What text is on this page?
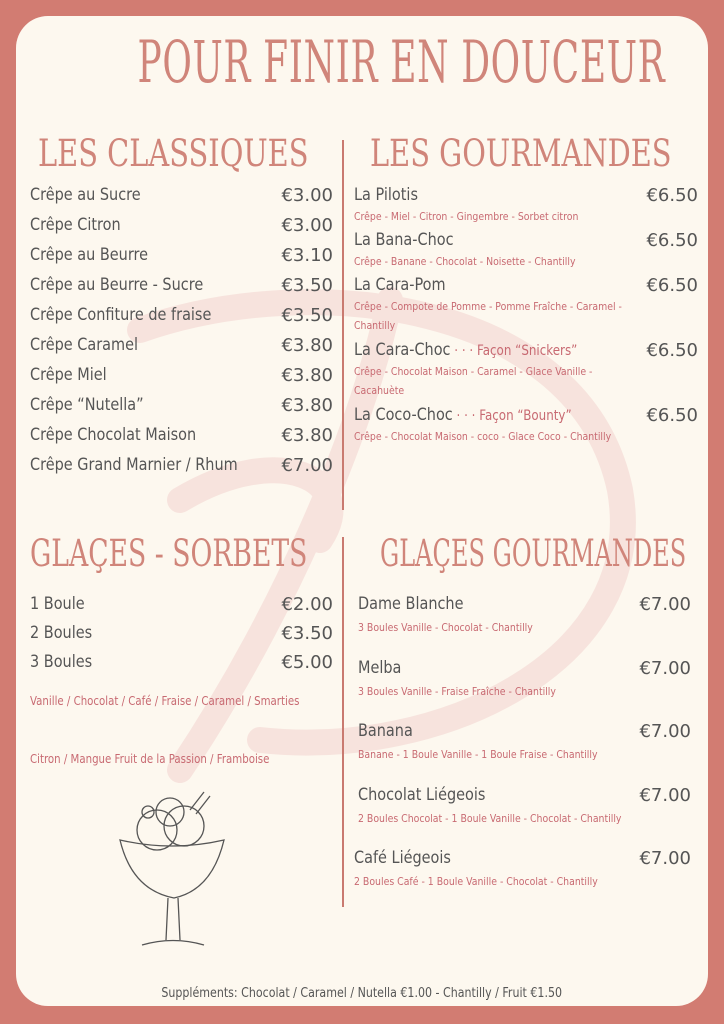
POUR FINIR EN DOUCEUR
LES CLASSIQUES LES GOURMANDES
GLAÇES - SORBETS GLAÇES GOURMANDES
Crêpe au Sucre	€3.00
Crêpe Citron	€3.00
Crêpe au Beurre	€3.10
Crêpe au Beurre - Sucre	€3.50
Crêpe Confiture de fraise	€3.50
Crêpe Caramel	€3.80
Crêpe Miel	€3.80
Crêpe “Nutella”	€3.80
Crêpe Chocolat Maison	€3.80
Crêpe Grand Marnier / Rhum	€7.00
La Pilotis	€6.50
Crêpe - Miel - Citron - Gingembre - Sorbet citron
La Bana-Choc	€6.50
Crêpe - Banane - Chocolat - Noisette - Chantilly
La Cara-Pom	€6.50
Crêpe - Compote de Pomme - Pomme Fraîche - Caramel -
Chantilly
La Cara-Choc · · · Façon “Snickers”	€6.50
Crêpe - Chocolat Maison - Caramel - Glace Vanille -
Cacahuète
La Coco-Choc · · · Façon “Bounty”	€6.50
Crêpe - Chocolat Maison - coco - Glace Coco - Chantilly
1 Boule	€2.00
2 Boules	€3.50
3 Boules	€5.00
Dame Blanche	€7.00
3 Boules Vanille - Chocolat - Chantilly
Melba	€7.00
3 Boules Vanille - Fraise Fraîche - Chantilly
Banana	€7.00
Banane - 1 Boule Vanille - 1 Boule Fraise - Chantilly
Chocolat Liégeois	€7.00
2 Boules Chocolat - 1 Boule Vanille - Chocolat - Chantilly
Café Liégeois	€7.00
2 Boules Café - 1 Boule Vanille - Chocolat - Chantilly
Vanille / Chocolat / Café / Fraise / Caramel / Smarties
Citron / Mangue Fruit de la Passion / Framboise
Suppléments: Chocolat / Caramel / Nutella €1.00 - Chantilly / Fruit €1.50
